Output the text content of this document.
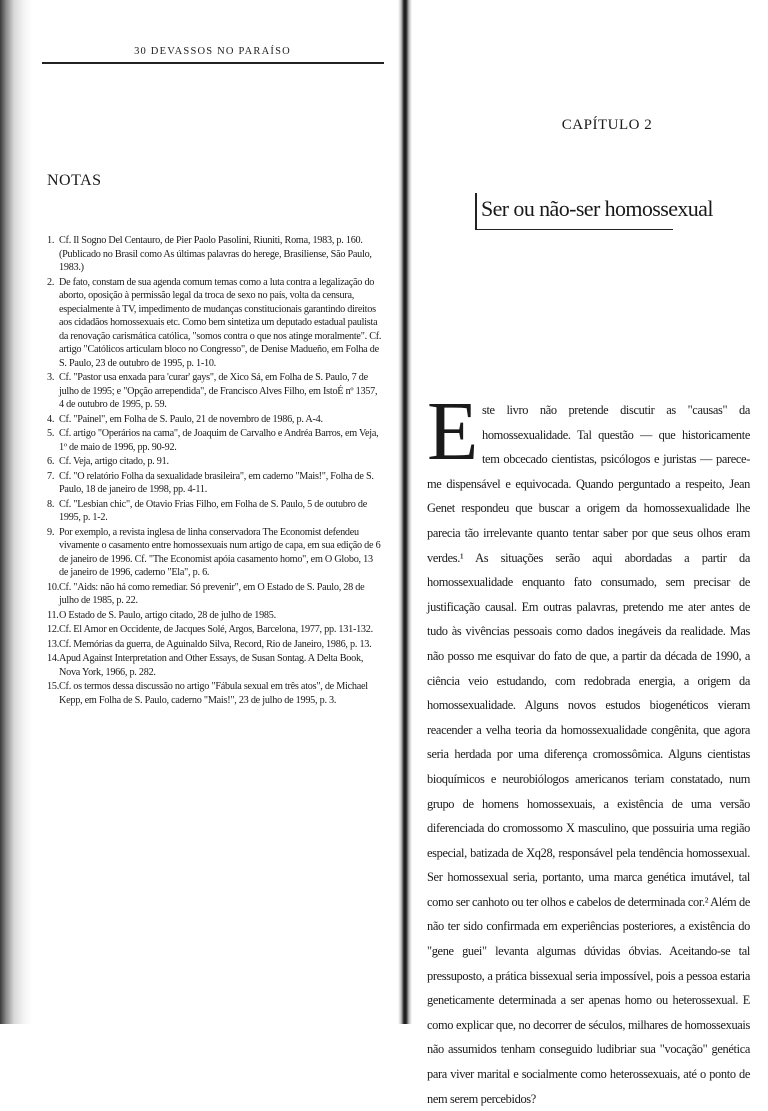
30 DEVASSOS NO PARAÍSO
NOTAS
1. Cf. Il Sogno Del Centauro, de Pier Paolo Pasolini, Riuniti, Roma, 1983, p. 160. (Publicado no Brasil como As últimas palavras do herege, Brasiliense, São Paulo, 1983.)
2. De fato, constam de sua agenda comum temas como a luta contra a legalização do aborto, oposição à permissão legal da troca de sexo no país, volta da censura, especialmente à TV, impedimento de mudanças constitucionais garantindo direitos aos cidadãos homossexuais etc. Como bem sintetiza um deputado estadual paulista da renovação carismática católica, "somos contra o que nos atinge moralmente". Cf. artigo "Católicos articulam bloco no Congresso", de Denise Madueño, em Folha de S. Paulo, 23 de outubro de 1995, p. 1-10.
3. Cf. "Pastor usa enxada para 'curar' gays", de Xico Sá, em Folha de S. Paulo, 7 de julho de 1995; e "Opção arrependida", de Francisco Alves Filho, em IstoÉ nº 1357, 4 de outubro de 1995, p. 59.
4. Cf. "Painel", em Folha de S. Paulo, 21 de novembro de 1986, p. A-4.
5. Cf. artigo "Operários na cama", de Joaquim de Carvalho e Andréa Barros, em Veja, 1º de maio de 1996, pp. 90-92.
6. Cf. Veja, artigo citado, p. 91.
7. Cf. "O relatório Folha da sexualidade brasileira", em caderno "Mais!", Folha de S. Paulo, 18 de janeiro de 1998, pp. 4-11.
8. Cf. "Lesbian chic", de Otavio Frias Filho, em Folha de S. Paulo, 5 de outubro de 1995, p. 1-2.
9. Por exemplo, a revista inglesa de linha conservadora The Economist defendeu vivamente o casamento entre homossexuais num artigo de capa, em sua edição de 6 de janeiro de 1996. Cf. "The Economist apóia casamento homo", em O Globo, 13 de janeiro de 1996, caderno "Ela", p. 6.
10. Cf. "Aids: não há como remediar. Só prevenir", em O Estado de S. Paulo, 28 de julho de 1985, p. 22.
11. O Estado de S. Paulo, artigo citado, 28 de julho de 1985.
12. Cf. El Amor en Occidente, de Jacques Solé, Argos, Barcelona, 1977, pp. 131-132.
13. Cf. Memórias da guerra, de Aguinaldo Silva, Record, Rio de Janeiro, 1986, p. 13.
14. Apud Against Interpretation and Other Essays, de Susan Sontag. A Delta Book, Nova York, 1966, p. 282.
15. Cf. os termos dessa discussão no artigo "Fábula sexual em três atos", de Michael Kepp, em Folha de S. Paulo, caderno "Mais!", 23 de julho de 1995, p. 3.
CAPÍTULO 2
Ser ou não-ser homossexual

Este livro não pretende discutir as "causas" da homossexualidade. Tal questão — que historicamente tem obcecado cientistas, psicólogos e juristas — parece-me dispensável e equivocada. Quando perguntado a respeito, Jean Genet respondeu que buscar a origem da homossexualidade lhe parecia tão irrelevante quanto tentar saber por que seus olhos eram verdes.¹ As situações serão aqui abordadas a partir da homossexualidade enquanto fato consumado, sem precisar de justificação causal. Em outras palavras, pretendo me ater antes de tudo às vivências pessoais como dados inegáveis da realidade. Mas não posso me esquivar do fato de que, a partir da década de 1990, a ciência veio estudando, com redobrada energia, a origem da homossexualidade. Alguns novos estudos biogenéticos vieram reacender a velha teoria da homossexualidade congênita, que agora seria herdada por uma diferença cromossômica. Alguns cientistas bioquímicos e neurobiólogos americanos teriam constatado, num grupo de homens homossexuais, a existência de uma versão diferenciada do cromossomo X masculino, que possuiria uma região especial, batizada de Xq28, responsável pela tendência homossexual. Ser homossexual seria, portanto, uma marca genética imutável, tal como ser canhoto ou ter olhos e cabelos de determinada cor.² Além de não ter sido confirmada em experiências posteriores, a existência do "gene guei" levanta algumas dúvidas óbvias. Aceitando-se tal pressuposto, a prática bissexual seria impossível, pois a pessoa estaria geneticamente determinada a ser apenas homo ou heterossexual. E como explicar que, no decorrer de séculos, milhares de homossexuais não assumidos tenham conseguido ludibriar sua "vocação" genética para viver marital e socialmente como heterossexuais, até o ponto de nem serem percebidos?
